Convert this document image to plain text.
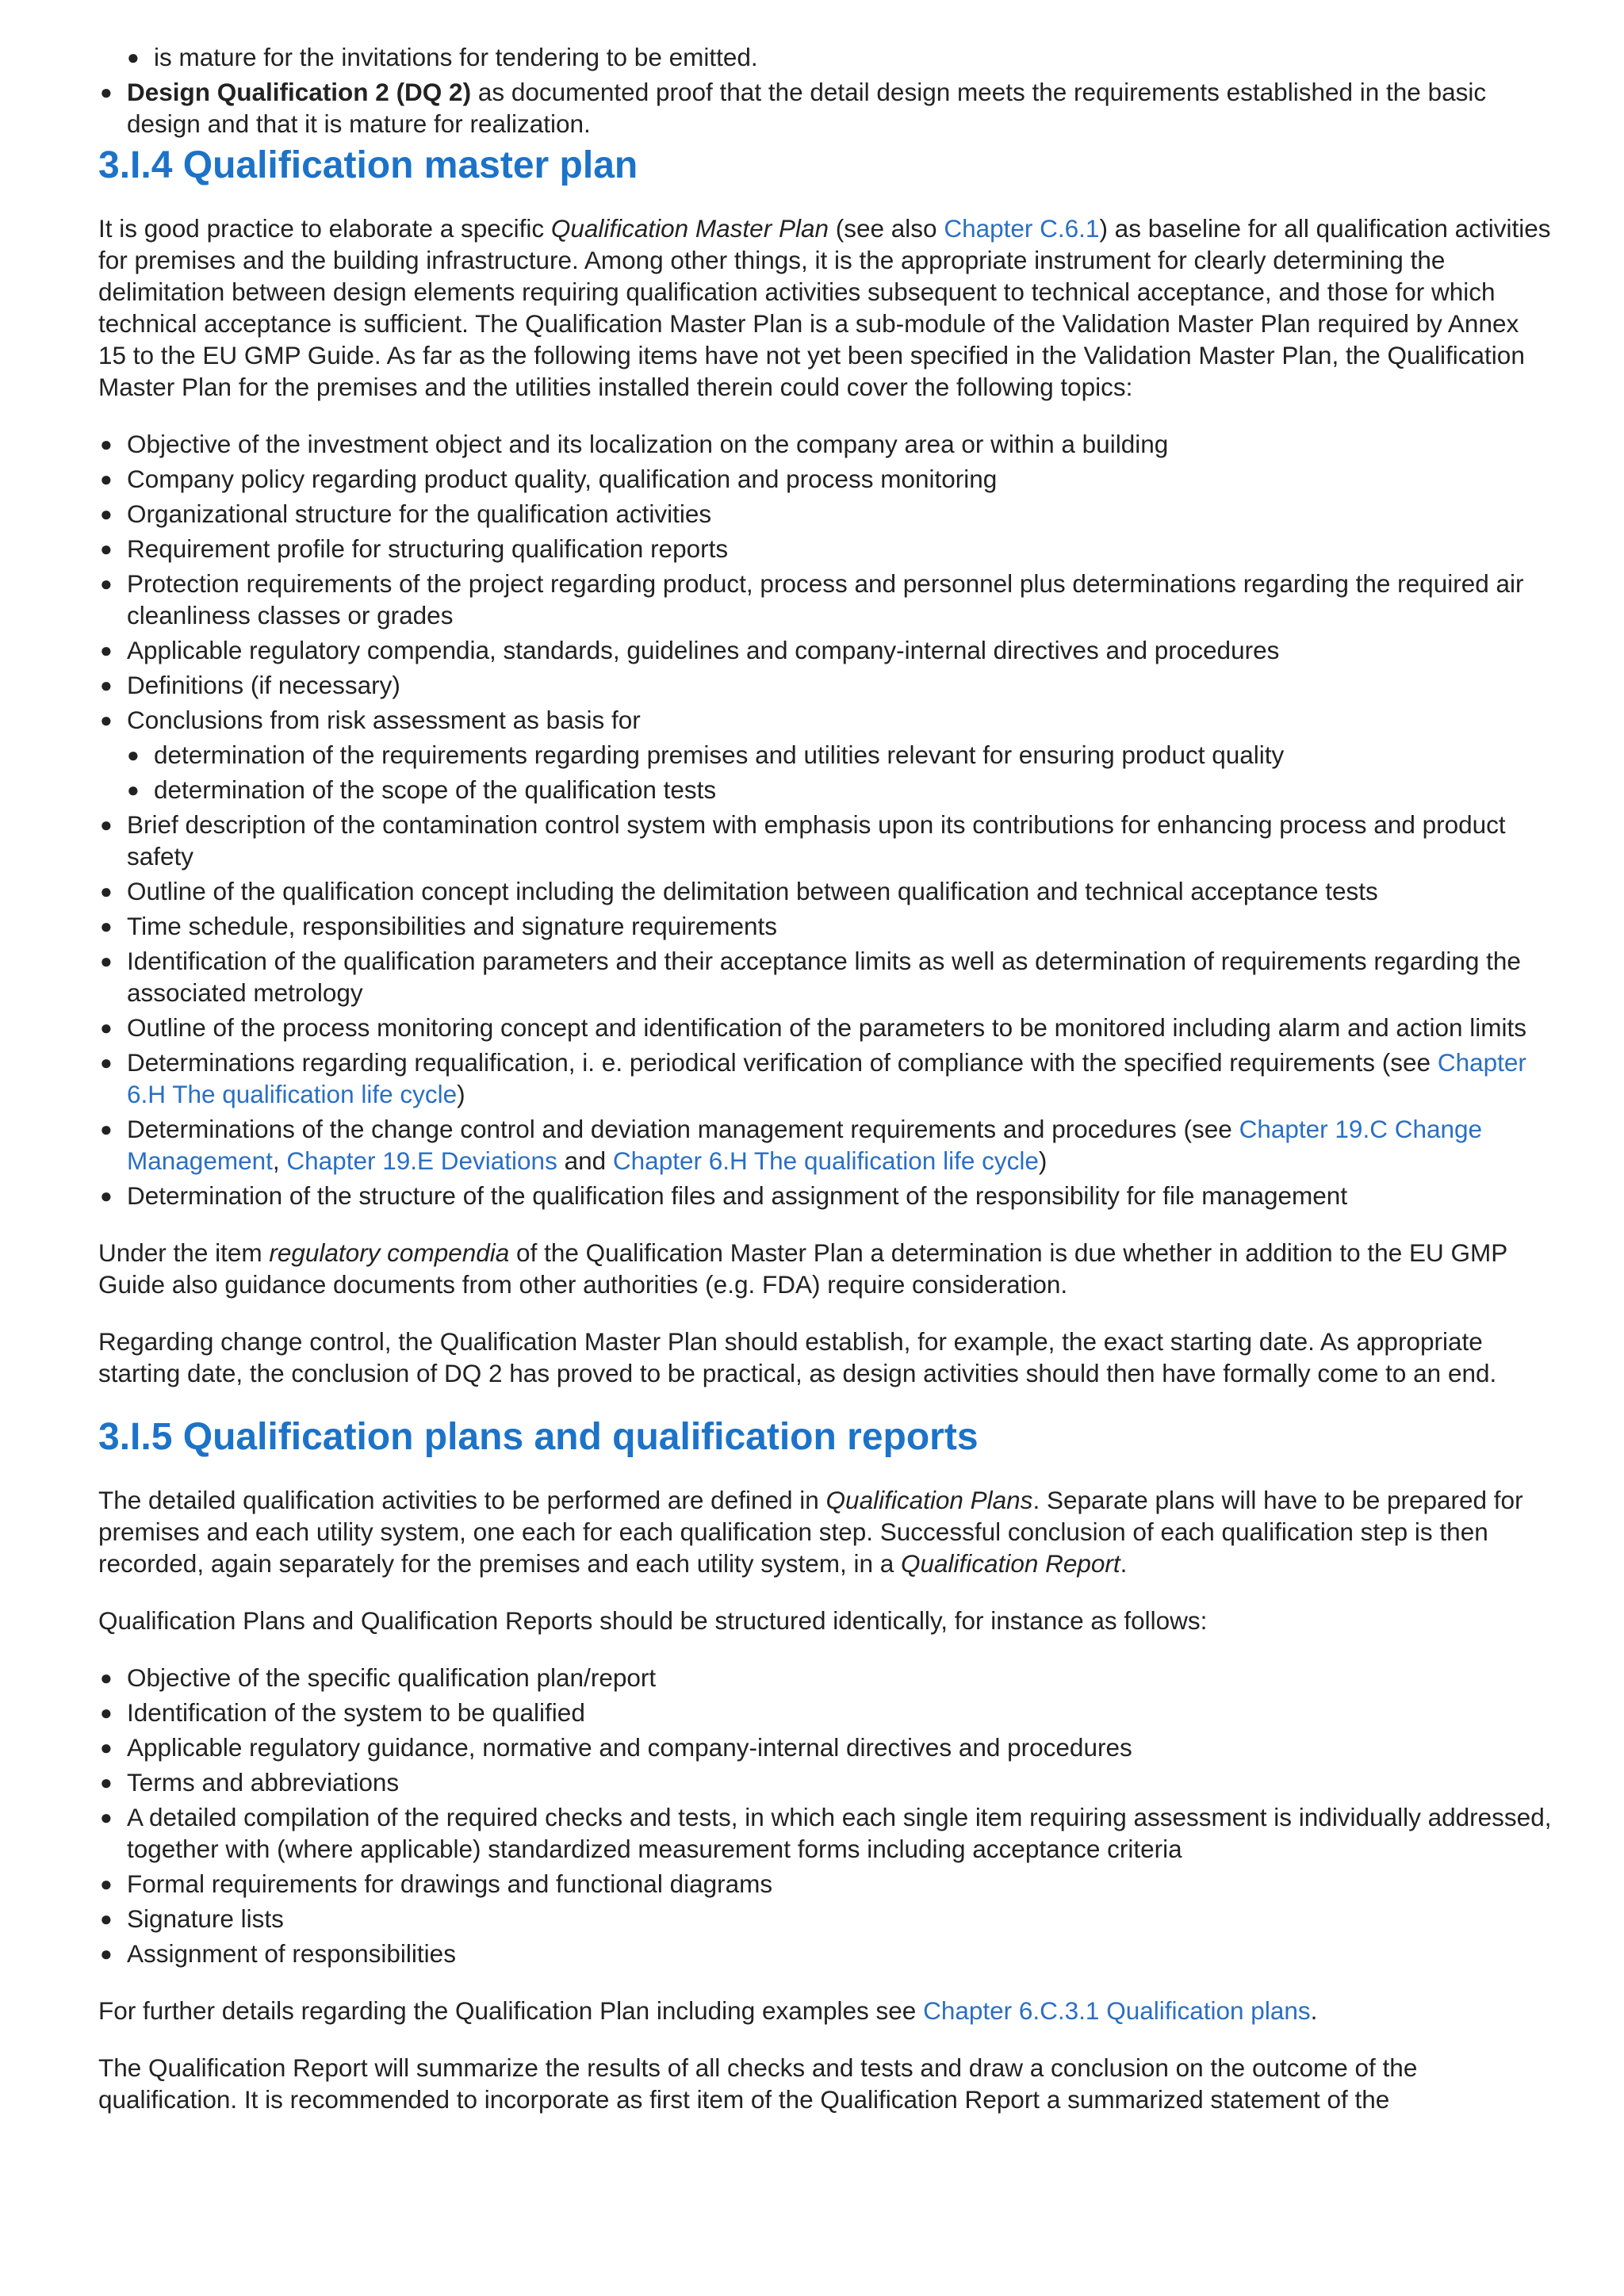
● is mature for the invitations for tendering to be emitted.
● Design Qualification 2 (DQ 2) as documented proof that the detail design meets the requirements established in the basic design and that it is mature for realization.
3.I.4 Qualification master plan

It is good practice to elaborate a specific Qualification Master Plan (see also Chapter C.6.1) as baseline for all qualification activities for premises and the building infrastructure. Among other things, it is the appropriate instrument for clearly determining the delimitation between design elements requiring qualification activities subsequent to technical acceptance, and those for which technical acceptance is sufficient. The Qualification Master Plan is a sub-module of the Validation Master Plan required by Annex 15 to the EU GMP Guide. As far as the following items have not yet been specified in the Validation Master Plan, the Qualification Master Plan for the premises and the utilities installed therein could cover the following topics:

● Objective of the investment object and its localization on the company area or within a building
● Company policy regarding product quality, qualification and process monitoring
● Organizational structure for the qualification activities
● Requirement profile for structuring qualification reports
● Protection requirements of the project regarding product, process and personnel plus determinations regarding the required air cleanliness classes or grades
● Applicable regulatory compendia, standards, guidelines and company-internal directives and procedures
● Definitions (if necessary)
● Conclusions from risk assessment as basis for
● determination of the requirements regarding premises and utilities relevant for ensuring product quality
● determination of the scope of the qualification tests
● Brief description of the contamination control system with emphasis upon its contributions for enhancing process and product safety
● Outline of the qualification concept including the delimitation between qualification and technical acceptance tests
● Time schedule, responsibilities and signature requirements
● Identification of the qualification parameters and their acceptance limits as well as determination of requirements regarding the associated metrology
● Outline of the process monitoring concept and identification of the parameters to be monitored including alarm and action limits
● Determinations regarding requalification, i. e. periodical verification of compliance with the specified requirements (see Chapter 6.H The qualification life cycle)
● Determinations of the change control and deviation management requirements and procedures (see Chapter 19.C Change Management, Chapter 19.E Deviations and Chapter 6.H The qualification life cycle)
● Determination of the structure of the qualification files and assignment of the responsibility for file management

Under the item regulatory compendia of the Qualification Master Plan a determination is due whether in addition to the EU GMP Guide also guidance documents from other authorities (e.g. FDA) require consideration.

Regarding change control, the Qualification Master Plan should establish, for example, the exact starting date. As appropriate starting date, the conclusion of DQ 2 has proved to be practical, as design activities should then have formally come to an end.

3.I.5 Qualification plans and qualification reports

The detailed qualification activities to be performed are defined in Qualification Plans. Separate plans will have to be prepared for premises and each utility system, one each for each qualification step. Successful conclusion of each qualification step is then recorded, again separately for the premises and each utility system, in a Qualification Report.

Qualification Plans and Qualification Reports should be structured identically, for instance as follows:

● Objective of the specific qualification plan/report
● Identification of the system to be qualified
● Applicable regulatory guidance, normative and company-internal directives and procedures
● Terms and abbreviations
● A detailed compilation of the required checks and tests, in which each single item requiring assessment is individually addressed, together with (where applicable) standardized measurement forms including acceptance criteria
● Formal requirements for drawings and functional diagrams
● Signature lists
● Assignment of responsibilities

For further details regarding the Qualification Plan including examples see Chapter 6.C.3.1 Qualification plans.

The Qualification Report will summarize the results of all checks and tests and draw a conclusion on the outcome of the qualification. It is recommended to incorporate as first item of the Qualification Report a summarized statement of the
